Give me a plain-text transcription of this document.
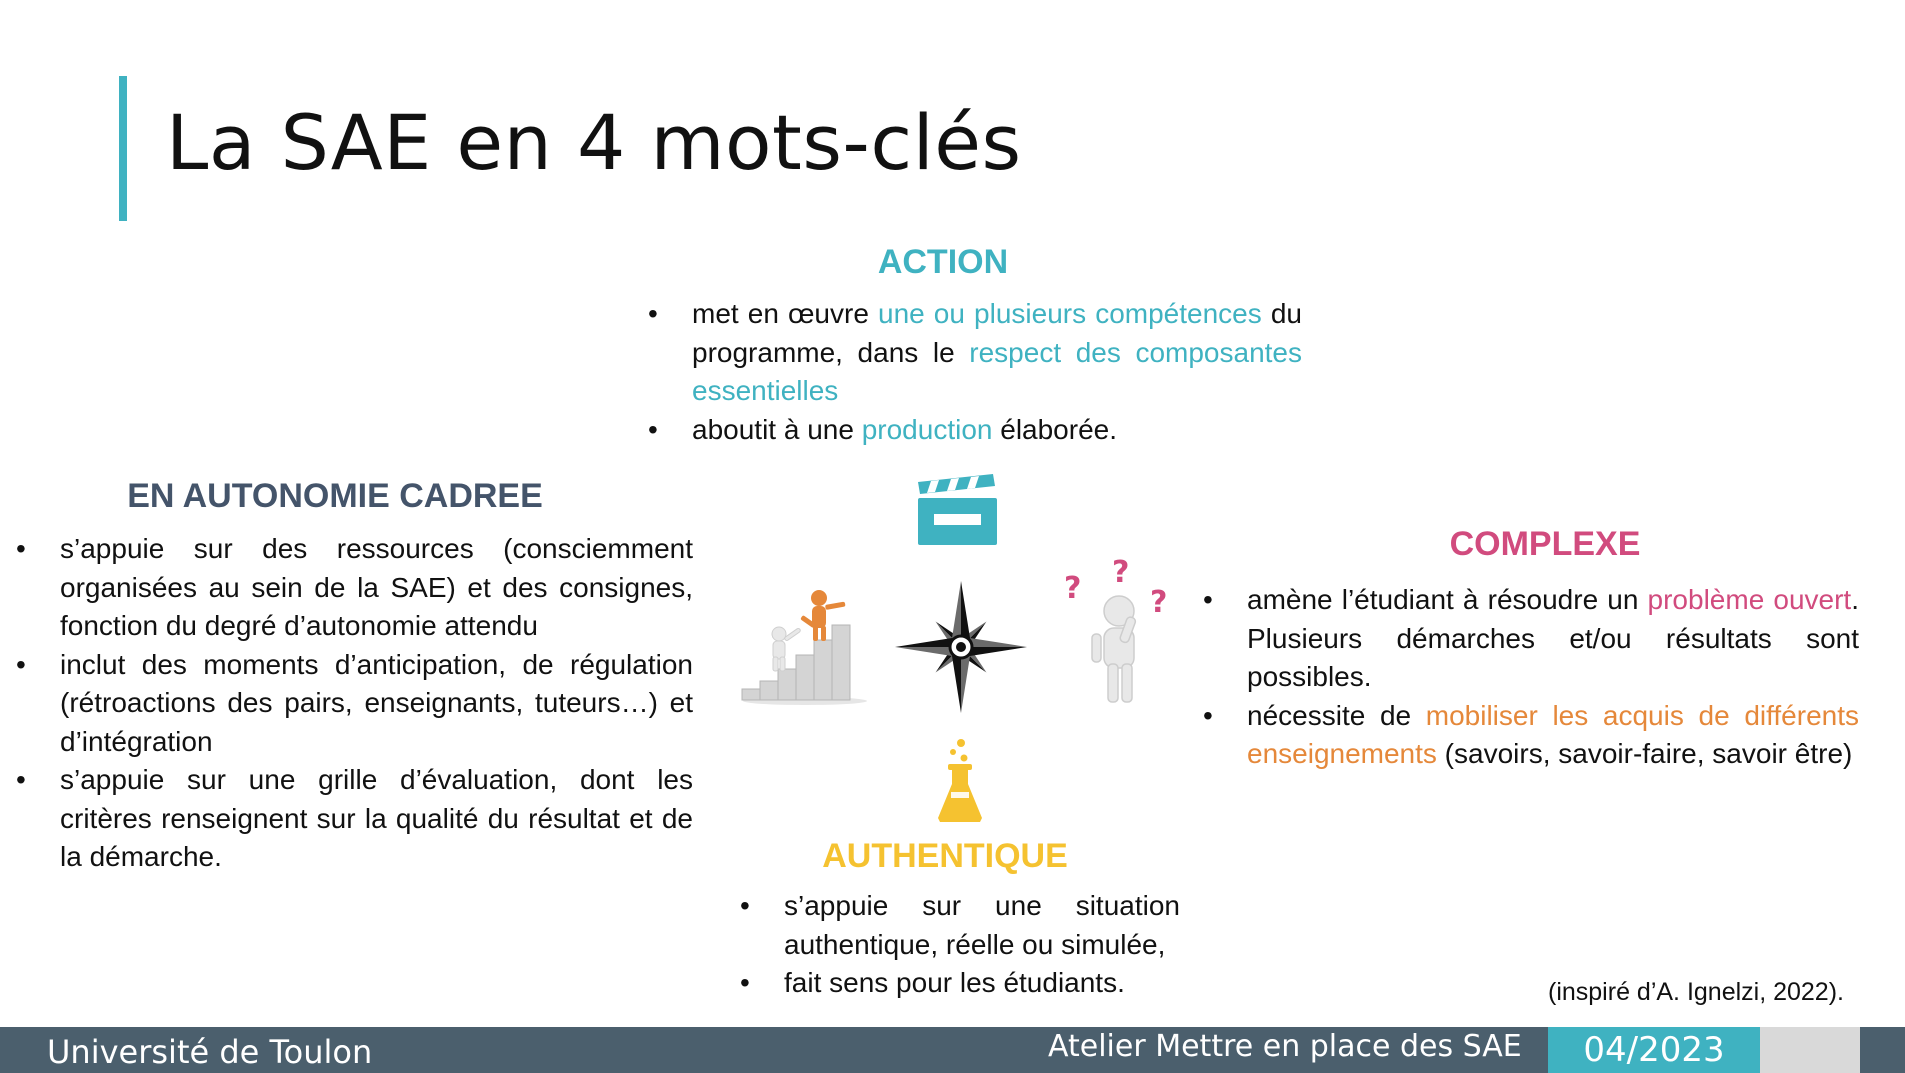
La SAE en 4 mots-clés
ACTION
• met en œuvre une ou plusieurs compétences du programme, dans le respect des composantes essentielles
• aboutit à une production élaborée.
EN AUTONOMIE CADREE
• s’appuie sur des ressources (consciemment organisées au sein de la SAE) et des consignes, fonction du degré d’autonomie attendu
• inclut des moments d’anticipation, de régulation (rétroactions des pairs, enseignants, tuteurs…) et d’intégration
• s’appuie sur une grille d’évaluation, dont les critères renseignent sur la qualité du résultat et de la démarche.
COMPLEXE
• amène l’étudiant à résoudre un problème ouvert. Plusieurs démarches et/ou résultats sont possibles.
• nécessite de mobiliser les acquis de différents enseignements (savoirs, savoir-faire, savoir être)
AUTHENTIQUE
• s’appuie sur une situation authentique, réelle ou simulée,
• fait sens pour les étudiants.
? ?
?
(inspiré d’A. Ignelzi, 2022).
Université de Toulon	Atelier Mettre en place des SAE	04/2023
